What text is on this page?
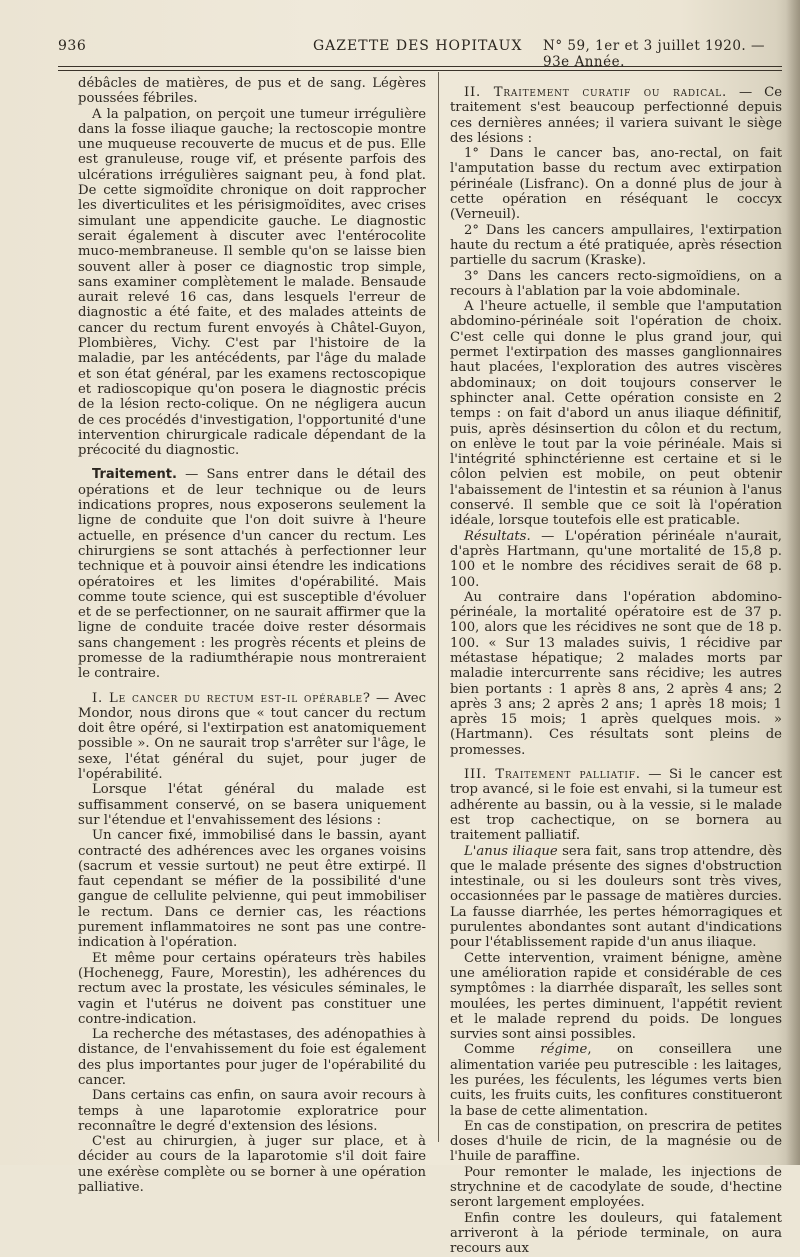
936	GAZETTE DES HOPITAUX N° 59, 1er et 3 juillet 1920. — 93e Année.

débâcles de matières, de pus et de sang. Légères poussées fébriles.

A la palpation, on perçoit une tumeur irrégulière dans la fosse iliaque gauche; la rectoscopie montre une muqueuse recouverte de mucus et de pus. Elle est granuleuse, rouge vif, et présente parfois des ulcérations irrégulières saignant peu, à fond plat. De cette sigmoïdite chronique on doit rapprocher les diverticulites et les périsigmoïdites, avec crises simulant une appendicite gauche. Le diagnostic serait également à discuter avec l'entérocolite muco-membraneuse. Il semble qu'on se laisse bien souvent aller à poser ce diagnostic trop simple, sans examiner complètement le malade. Bensaude aurait relevé 16 cas, dans lesquels l'erreur de diagnostic a été faite, et des malades atteints de cancer du rectum furent envoyés à Châtel-Guyon, Plombières, Vichy. C'est par l'histoire de la maladie, par les antécédents, par l'âge du malade et son état général, par les examens rectoscopique et radioscopique qu'on posera le diagnostic précis de la lésion recto-colique. On ne négligera aucun de ces procédés d'investigation, l'opportunité d'une intervention chirurgicale radicale dépendant de la précocité du diagnostic.

Traitement. — Sans entrer dans le détail des opérations et de leur technique ou de leurs indications propres, nous exposerons seulement la ligne de conduite que l'on doit suivre à l'heure actuelle, en présence d'un cancer du rectum. Les chirurgiens se sont attachés à perfectionner leur technique et à pouvoir ainsi étendre les indications opératoires et les limites d'opérabilité. Mais comme toute science, qui est susceptible d'évoluer et de se perfectionner, on ne saurait affirmer que la ligne de conduite tracée doive rester désormais sans changement : les progrès récents et pleins de promesse de la radiumthérapie nous montreraient le contraire.

I. Le cancer du rectum est-il opérable? — Avec Mondor, nous dirons que « tout cancer du rectum doit être opéré, si l'extirpation est anatomiquement possible ». On ne saurait trop s'arrêter sur l'âge, le sexe, l'état général du sujet, pour juger de l'opérabilité.

Lorsque l'état général du malade est suffisamment conservé, on se basera uniquement sur l'étendue et l'envahissement des lésions :

Un cancer fixé, immobilisé dans le bassin, ayant contracté des adhérences avec les organes voisins (sacrum et vessie surtout) ne peut être extirpé. Il faut cependant se méfier de la possibilité d'une gangue de cellulite pelvienne, qui peut immobiliser le rectum. Dans ce dernier cas, les réactions purement inflammatoires ne sont pas une contre-indication à l'opération.

Et même pour certains opérateurs très habiles (Hochenegg, Faure, Morestin), les adhérences du rectum avec la prostate, les vésicules séminales, le vagin et l'utérus ne doivent pas constituer une contre-indication.

La recherche des métastases, des adénopathies à distance, de l'envahissement du foie est également des plus importantes pour juger de l'opérabilité du cancer.

Dans certains cas enfin, on saura avoir recours à temps à une laparotomie exploratrice pour reconnaître le degré d'extension des lésions.

C'est au chirurgien, à juger sur place, et à décider au cours de la laparotomie s'il doit faire une exérèse complète ou se borner à une opération palliative.

II. Traitement curatif ou radical. — Ce traitement s'est beaucoup perfectionné depuis ces dernières années; il variera suivant le siège des lésions :

1° Dans le cancer bas, ano-rectal, on fait l'amputation basse du rectum avec extirpation périnéale (Lisfranc). On a donné plus de jour à cette opération en réséquant le coccyx (Verneuil).

2° Dans les cancers ampullaires, l'extirpation haute du rectum a été pratiquée, après résection partielle du sacrum (Kraske).

3° Dans les cancers recto-sigmoïdiens, on a recours à l'ablation par la voie abdominale.

A l'heure actuelle, il semble que l'amputation abdomino-périnéale soit l'opération de choix. C'est celle qui donne le plus grand jour, qui permet l'extirpation des masses ganglionnaires haut placées, l'exploration des autres viscères abdominaux; on doit toujours conserver le sphincter anal. Cette opération consiste en 2 temps : on fait d'abord un anus iliaque définitif, puis, après désinsertion du côlon et du rectum, on enlève le tout par la voie périnéale. Mais si l'intégrité sphinctérienne est certaine et si le côlon pelvien est mobile, on peut obtenir l'abaissement de l'intestin et sa réunion à l'anus conservé. Il semble que ce soit là l'opération idéale, lorsque toutefois elle est praticable.

Résultats. — L'opération périnéale n'aurait, d'après Hartmann, qu'une mortalité de 15,8 p. 100 et le nombre des récidives serait de 68 p. 100.

Au contraire dans l'opération abdomino-périnéale, la mortalité opératoire est de 37 p. 100, alors que les récidives ne sont que de 18 p. 100. « Sur 13 malades suivis, 1 récidive par métastase hépatique; 2 malades morts par maladie intercurrente sans récidive; les autres bien portants : 1 après 8 ans, 2 après 4 ans; 2 après 3 ans; 2 après 2 ans; 1 après 18 mois; 1 après 15 mois; 1 après quelques mois. » (Hartmann). Ces résultats sont pleins de promesses.

III. Traitement palliatif. — Si le cancer est trop avancé, si le foie est envahi, si la tumeur est adhérente au bassin, ou à la vessie, si le malade est trop cachectique, on se bornera au traitement palliatif.

L'anus iliaque sera fait, sans trop attendre, dès que le malade présente des signes d'obstruction intestinale, ou si les douleurs sont très vives, occasionnées par le passage de matières durcies. La fausse diarrhée, les pertes hémorragiques et purulentes abondantes sont autant d'indications pour l'établissement rapide d'un anus iliaque.

Cette intervention, vraiment bénigne, amène une amélioration rapide et considérable de ces symptômes : la diarrhée disparaît, les selles sont moulées, les pertes diminuent, l'appétit revient et le malade reprend du poids. De longues survies sont ainsi possibles.

Comme régime, on conseillera une alimentation variée peu putrescible : les laitages, les purées, les féculents, les légumes verts bien cuits, les fruits cuits, les confitures constitueront la base de cette alimentation.

En cas de constipation, on prescrira de petites doses d'huile de ricin, de la magnésie ou de l'huile de paraffine.

Pour remonter le malade, les injections de strychnine et de cacodylate de soude, d'hectine seront largement employées.

Enfin contre les douleurs, qui fatalement arriveront à la période terminale, on aura recours aux
